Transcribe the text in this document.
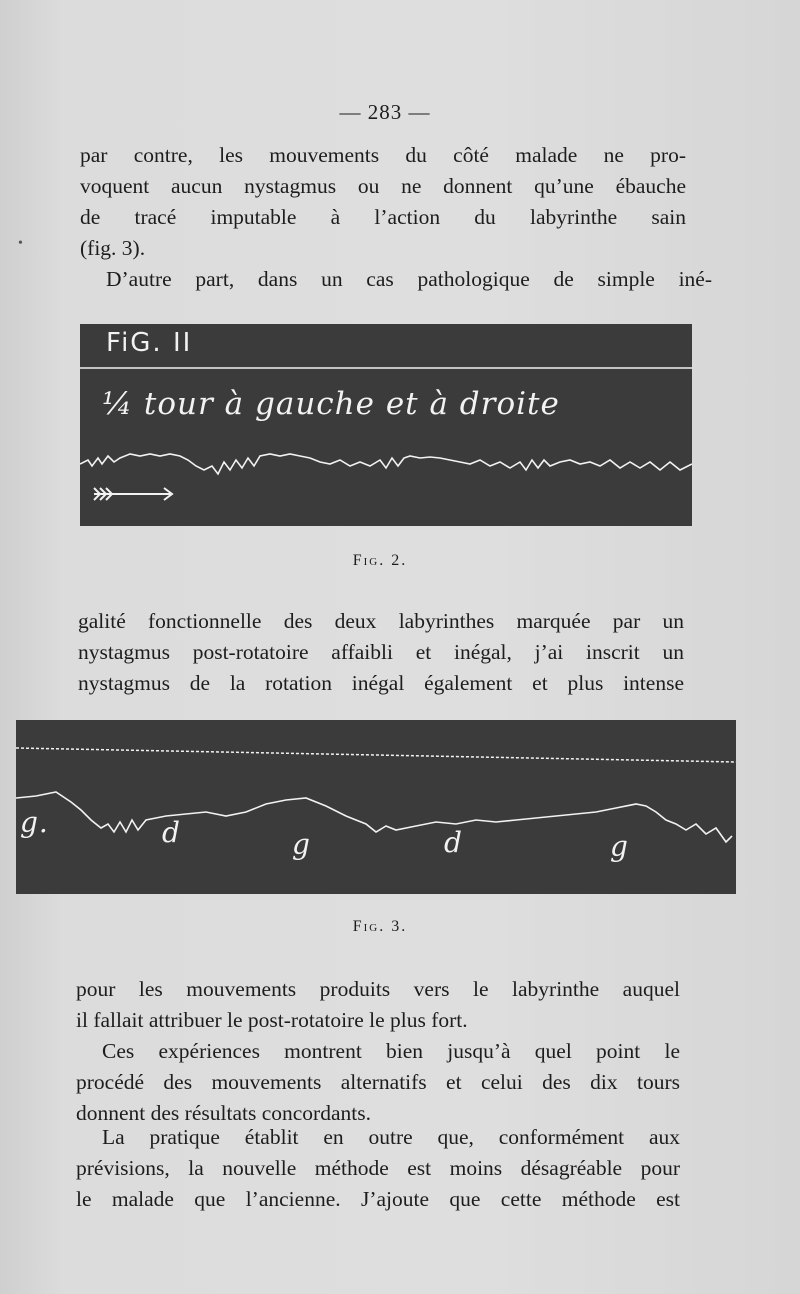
— 283 —
par contre, les mouvements du côté malade ne pro-
voquent aucun nystagmus ou ne donnent qu’une ébauche
de tracé imputable à l’action du labyrinthe sain
(fig. 3).
D’autre part, dans un cas pathologique de simple iné-
FiG. II
¼ tour à gauche et à droite
Fig. 2.
galité fonctionnelle des deux labyrinthes marquée par un
nystagmus post-rotatoire affaibli et inégal, j’ai inscrit un
nystagmus de la rotation inégal également et plus intense
g.	d	g	d	g
Fig. 3.
pour les mouvements produits vers le labyrinthe auquel
il fallait attribuer le post-rotatoire le plus fort.
Ces expériences montrent bien jusqu’à quel point le
procédé des mouvements alternatifs et celui des dix tours
donnent des résultats concordants.
La pratique établit en outre que, conformément aux
prévisions, la nouvelle méthode est moins désagréable pour
le malade que l’ancienne. J’ajoute que cette méthode est
•
